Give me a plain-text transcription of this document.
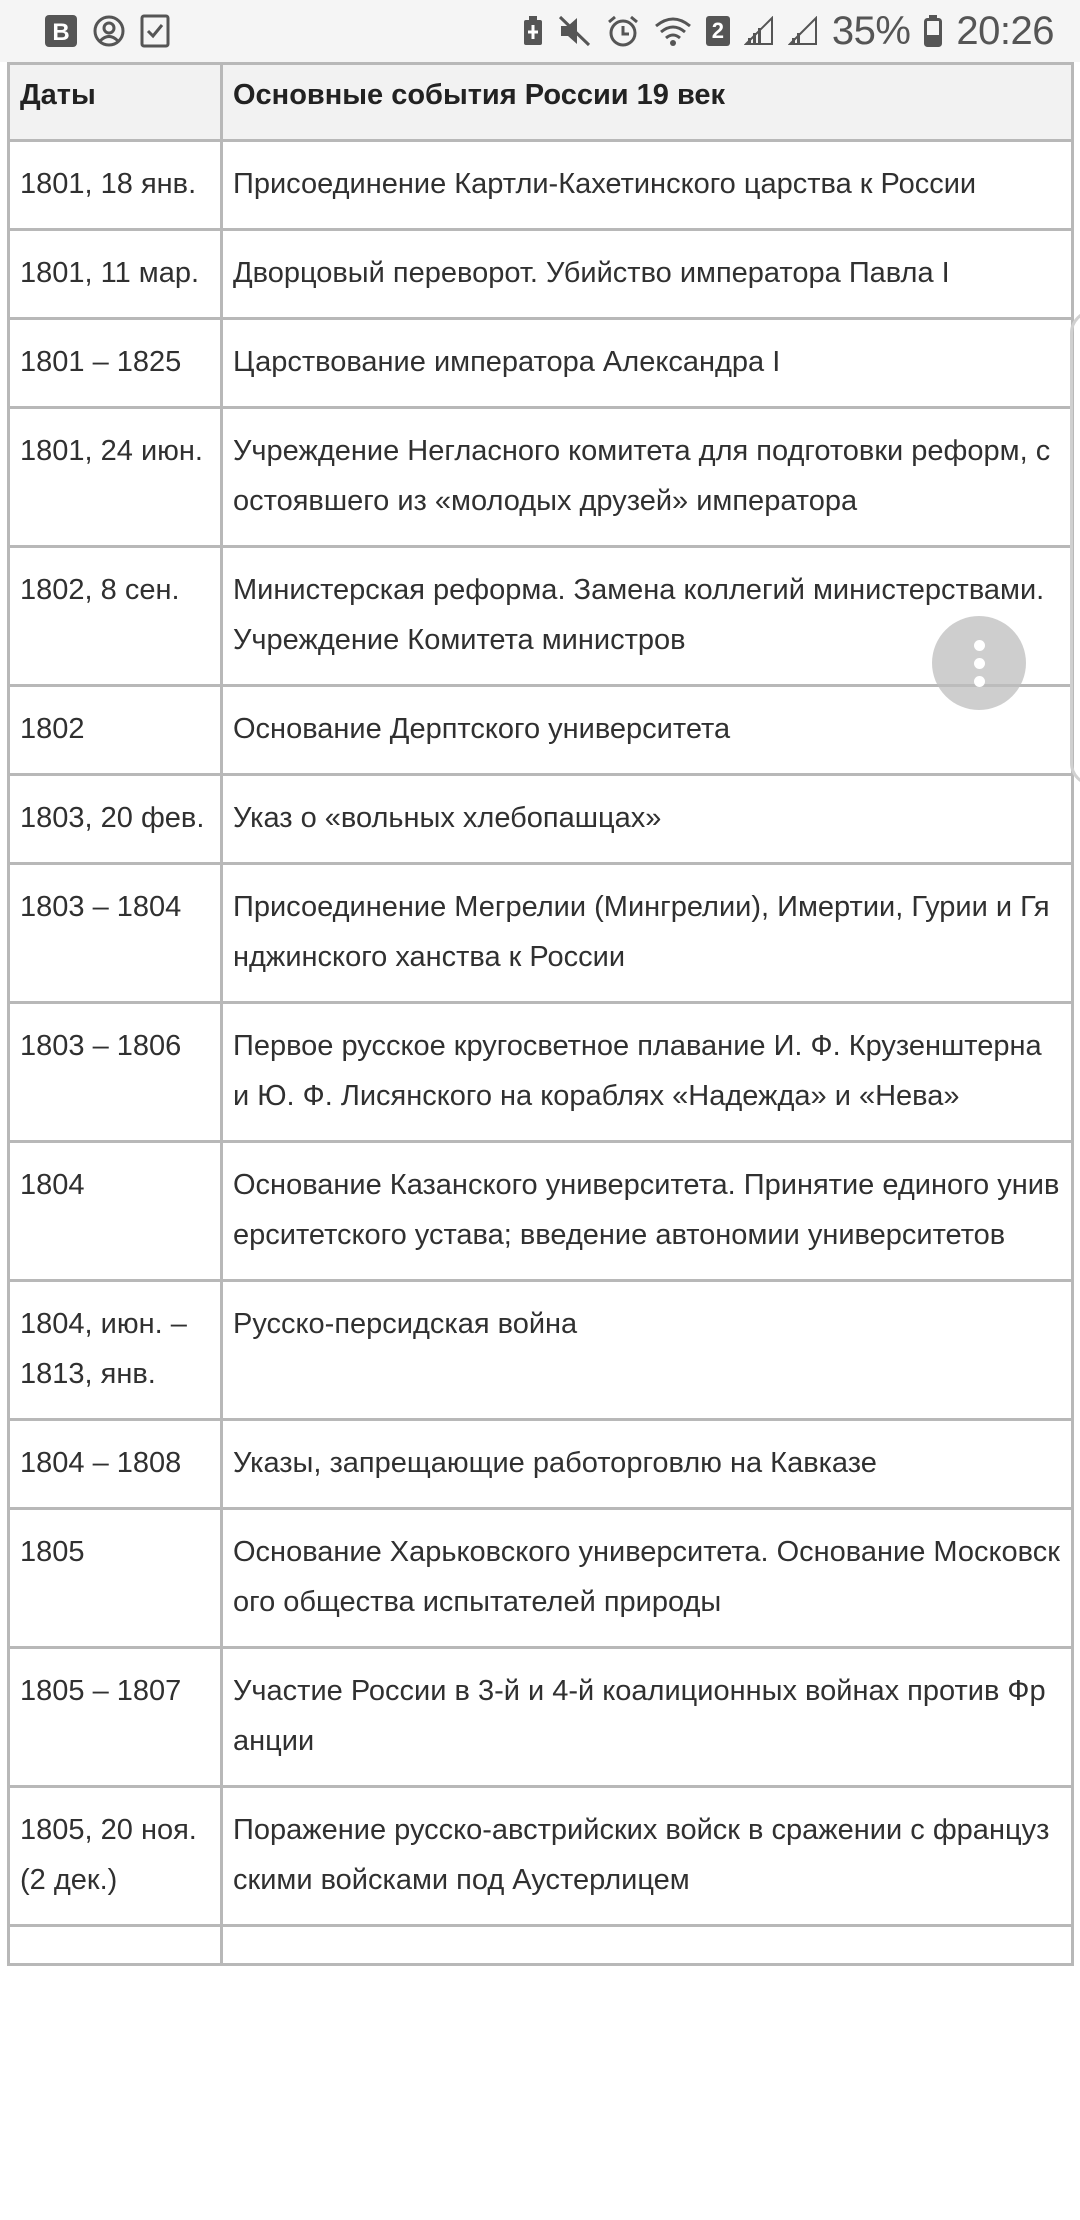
B	2	35% 20:26
Даты	Основные события России 19 век
1801, 18 янв.	Присоединение Картли-Кахетинского царства к России
1801, 11 мар.	Дворцовый переворот. Убийство императора Павла I
1801 – 1825	Царствование императора Александра I
1801, 24 июн.	Учреждение Негласного комитета для подготовки реформ, состоявшего из «молодых друзей» императора
1802, 8 сен.	Министерская реформа. Замена коллегий министерствами. Учреждение Комитета министров
1802	Основание Дерптского университета
1803, 20 фев.	Указ о «вольных хлебопашцах»
1803 – 1804	Присоединение Мегрелии (Мингрелии), Имертии, Гурии и Гянджинского ханства к России
1803 – 1806	Первое русское кругосветное плавание И. Ф. Крузенштерна и Ю. Ф. Лисянского на кораблях «Надежда» и «Нева»
1804	Основание Казанского университета. Принятие единого университетского устава; введение автономии университетов
1804, июн. – 1813, янв.	Русско-персидская война
1804 – 1808	Указы, запрещающие работорговлю на Кавказе
1805	Основание Харьковского университета. Основание Московского общества испытателей природы
1805 – 1807	Участие России в 3-й и 4-й коалиционных войнах против Франции
1805, 20 ноя. (2 дек.)	Поражение русско-австрийских войск в сражении с французскими войсками под Аустерлицем
